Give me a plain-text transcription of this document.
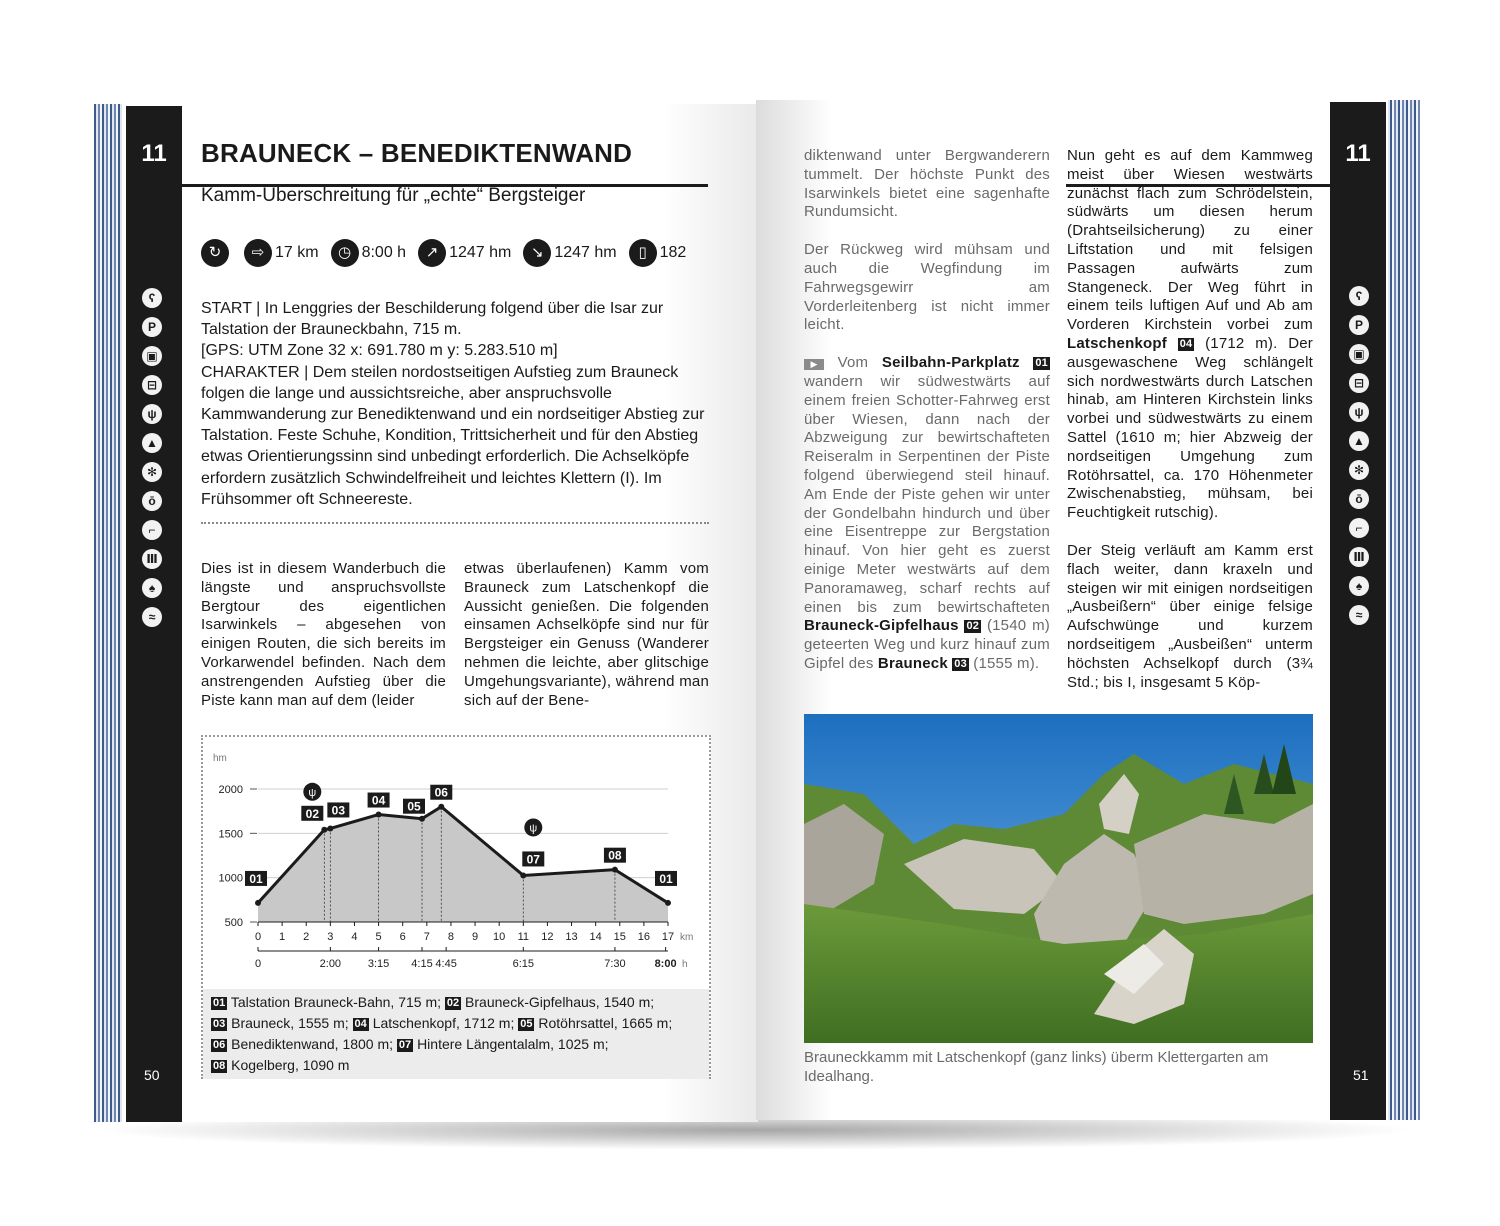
11
ʕ
P
▣
⊟
ψ
▲
✻
ō
⌐
Ⅲ
♠
≈
50
11
ʕ
P
▣
⊟
ψ
▲
✻
ō
⌐
Ⅲ
♠
≈
51
BRAUNECK – BENEDIKTENWAND
Kamm-Überschreitung für „echte“ Bergsteiger
↻	⇨ 17 km	◷ 8:00 h	↗ 1247 hm	↘ 1247 hm	▯ 182
START | In Lenggries der Beschilderung folgend über die Isar zur Talstation der Brauneckbahn, 715 m.
[GPS: UTM Zone 32 x: 691.780 m y: 5.283.510 m]
CHARAKTER | Dem steilen nordostseitigen Aufstieg zum Brauneck folgen die lange und aussichtsreiche, aber anspruchsvolle Kammwanderung zur Benediktenwand und ein nordseitiger Abstieg zur Talstation. Feste Schuhe, Kondition, Trittsicherheit und für den Abstieg etwas Orientierungssinn sind unbedingt erforderlich. Die Achselköpfe erfordern zusätzlich Schwindelfreiheit und leichtes Klettern (I). Im Frühsommer oft Schneereste.
Dies ist in diesem Wanderbuch die längste und anspruchsvollste Bergtour des eigentlichen Isarwinkels – abgesehen von einigen Routen, die sich bereits im Vorkarwendel befinden. Nach dem anstrengenden Aufstieg über die Piste kann man auf dem (leider
etwas überlaufenen) Kamm vom Brauneck zum Latschenkopf die Aussicht genießen. Die folgenden einsamen Achselköpfe sind nur für Bergsteiger ein Genuss (Wanderer nehmen die leichte, aber glitschige Umgehungsvariante), während man sich auf der Bene-
hm
2000
1500
1000
500
01
02 03
04 05
06
07	08
01
ψ
ψ
0 1 2 3 4 5 6 7 8 9 10 11 12 13 14 15 16 17 km
0	2:00 3:15 4:15 4:45	6:15	7:30	8:00 h
01 Talstation Brauneck-Bahn, 715 m; 02 Brauneck-Gipfelhaus, 1540 m;
03 Brauneck, 1555 m; 04 Latschenkopf, 1712 m; 05 Rotöhrsattel, 1665 m;
06 Benediktenwand, 1800 m; 07 Hintere Längentalalm, 1025 m;
08 Kogelberg, 1090 m
diktenwand unter Bergwanderern tummelt. Der höchste Punkt des Isarwinkels bietet eine sagenhafte Rundumsicht.
Der Rückweg wird mühsam und auch die Wegfindung im Fahrwegsgewirr am Vorderleitenberg ist nicht immer leicht.
▶ Vom Seilbahn-Parkplatz 01 wandern wir südwestwärts auf einem freien Schotter-Fahrweg erst über Wiesen, dann nach der Abzweigung zur bewirtschafteten Reiseralm in Serpentinen der Piste folgend überwiegend steil hinauf. Am Ende der Piste gehen wir unter der Gondelbahn hindurch und über eine Eisentreppe zur Bergstation hinauf. Von hier geht es zuerst einige Meter westwärts auf dem Panoramaweg, scharf rechts auf einen bis zum bewirtschafteten Brauneck-Gipfelhaus 02 (1540 m) geteerten Weg und kurz hinauf zum Gipfel des Brauneck 03 (1555 m).
Nun geht es auf dem Kammweg meist über Wiesen westwärts zunächst flach zum Schrödelstein, südwärts um diesen herum (Drahtseilsicherung) zu einer Liftstation und mit felsigen Passagen aufwärts zum Stangeneck. Der Weg führt in einem teils luftigen Auf und Ab am Vorderen Kirchstein vorbei zum Latschenkopf 04 (1712 m). Der ausgewaschene Weg schlängelt sich nordwestwärts durch Latschen hinab, am Hinteren Kirchstein links vorbei und südwestwärts zu einem Sattel (1610 m; hier Abzweig der nordseitigen Umgehung zum Rotöhrsattel, ca. 170 Höhenmeter Zwischenabstieg, mühsam, bei Feuchtigkeit rutschig).
Der Steig verläuft am Kamm erst flach weiter, dann kraxeln und steigen wir mit einigen nordseitigen „Ausbeißern“ über einige felsige Aufschwünge und kurzem nordseitigem „Ausbeißen“ unterm höchsten Achselkopf durch (3¾ Std.; bis I, insgesamt 5 Köp-
Brauneckkamm mit Latschenkopf (ganz links) überm Klettergarten am Idealhang.
